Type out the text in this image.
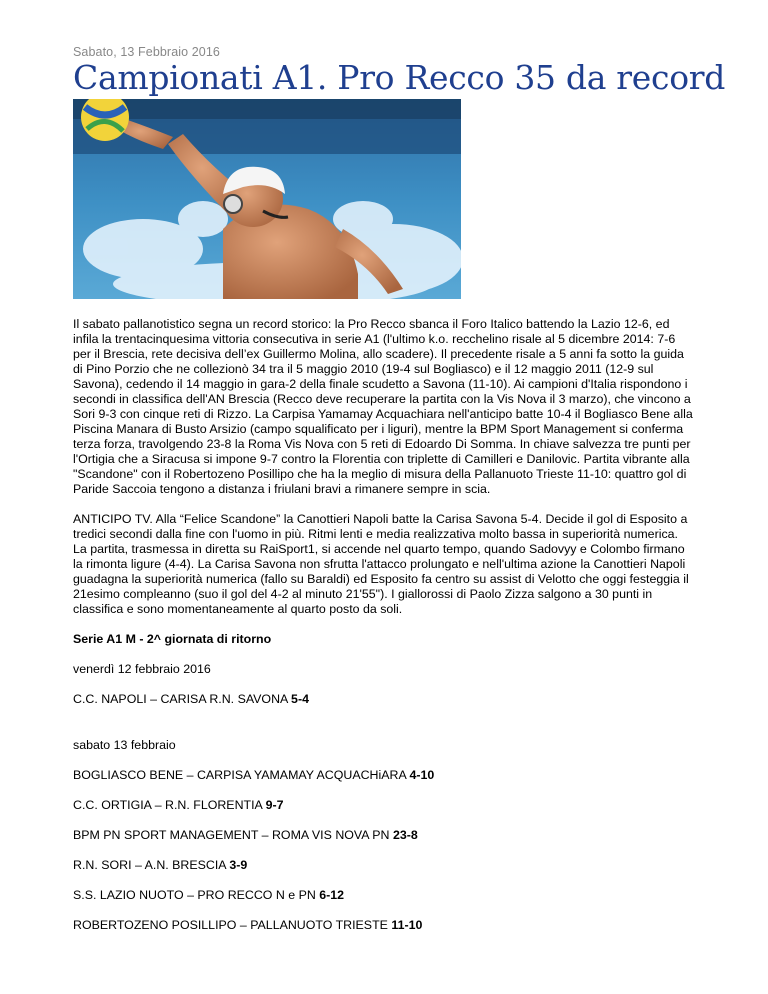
Sabato, 13 Febbraio 2016
Campionati A1. Pro Recco 35 da record

Il sabato pallanotistico segna un record storico: la Pro Recco sbanca il Foro Italico battendo la Lazio 12-6, ed infila la trentacinquesima vittoria consecutiva in serie A1 (l'ultimo k.o. recchelino risale al 5 dicembre 2014: 7-6 per il Brescia, rete decisiva dell’ex Guillermo Molina, allo scadere). Il precedente risale a 5 anni fa sotto la guida di Pino Porzio che ne collezionò 34 tra il 5 maggio 2010 (19-4 sul Bogliasco) e il 12 maggio 2011 (12-9 sul Savona), cedendo il 14 maggio in gara-2 della finale scudetto a Savona (11-10). Ai campioni d'Italia rispondono i secondi in classifica dell'AN Brescia (Recco deve recuperare la partita con la Vis Nova il 3 marzo), che vincono a Sori 9-3 con cinque reti di Rizzo. La Carpisa Yamamay Acquachiara nell'anticipo batte 10-4 il Bogliasco Bene alla Piscina Manara di Busto Arsizio (campo squalificato per i liguri), mentre la BPM Sport Management si conferma terza forza, travolgendo 23-8 la Roma Vis Nova con 5 reti di Edoardo Di Somma. In chiave salvezza tre punti per l'Ortigia che a Siracusa si impone 9-7 contro la Florentia con triplette di Camilleri e Danilovic. Partita vibrante alla "Scandone" con il Robertozeno Posillipo che ha la meglio di misura della Pallanuoto Trieste 11-10: quattro gol di Paride Saccoia tengono a distanza i friulani bravi a rimanere sempre in scia.

ANTICIPO TV. Alla “Felice Scandone” la Canottieri Napoli batte la Carisa Savona 5-4. Decide il gol di Esposito a tredici secondi dalla fine con l'uomo in più. Ritmi lenti e media realizzativa molto bassa in superiorità numerica. La partita, trasmessa in diretta su RaiSport1, si accende nel quarto tempo, quando Sadovyy e Colombo firmano la rimonta ligure (4-4). La Carisa Savona non sfrutta l'attacco prolungato e nell'ultima azione la Canottieri Napoli guadagna la superiorità numerica (fallo su Baraldi) ed Esposito fa centro su assist di Velotto che oggi festeggia il 21esimo compleanno (suo il gol del 4-2 al minuto 21'55"). I giallorossi di Paolo Zizza salgono a 30 punti in classifica e sono momentaneamente al quarto posto da soli.

Serie A1 M - 2^ giornata di ritorno

venerdì 12 febbraio 2016

C.C. NAPOLI – CARISA R.N. SAVONA 5-4

sabato 13 febbraio

BOGLIASCO BENE – CARPISA YAMAMAY ACQUACHiARA 4-10

C.C. ORTIGIA – R.N. FLORENTIA 9-7

BPM PN SPORT MANAGEMENT – ROMA VIS NOVA PN 23-8

R.N. SORI – A.N. BRESCIA 3-9

S.S. LAZIO NUOTO – PRO RECCO N e PN 6-12

ROBERTOZENO POSILLIPO – PALLANUOTO TRIESTE 11-10
